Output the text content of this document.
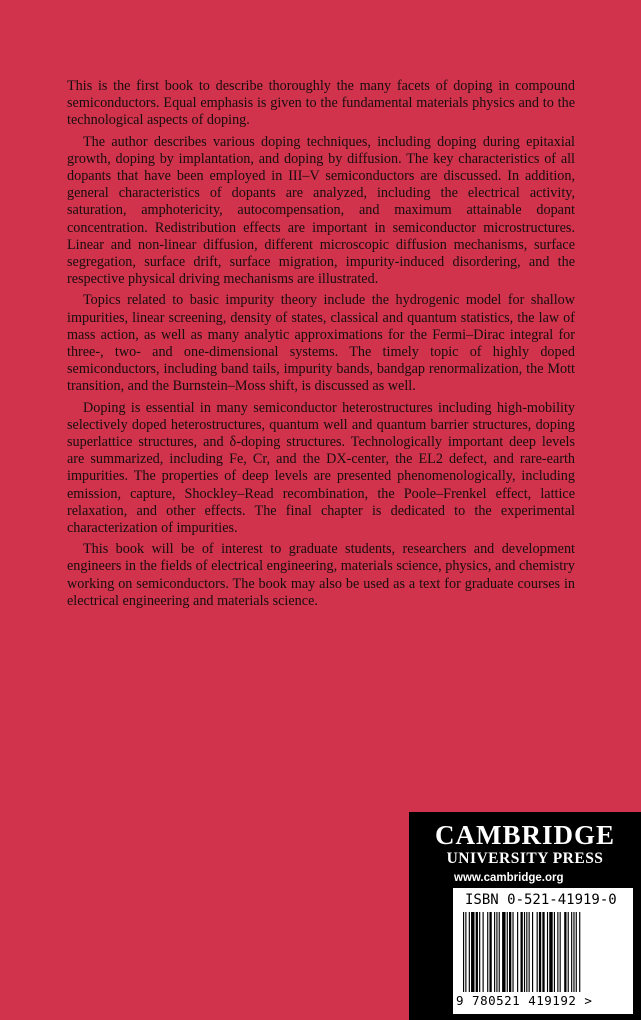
This is the first book to describe thoroughly the many facets of doping in compound semiconductors. Equal emphasis is given to the fundamental materials physics and to the technological aspects of doping.

The author describes various doping techniques, including doping during epitaxial growth, doping by implantation, and doping by diffusion. The key characteristics of all dopants that have been employed in III–V semiconductors are discussed. In addition, general characteristics of dopants are analyzed, including the electrical activity, saturation, amphotericity, autocompensation, and maximum attainable dopant concentration. Redistribution effects are important in semiconductor microstructures. Linear and non-linear diffusion, different microscopic diffusion mechanisms, surface segregation, surface drift, surface migration, impurity-induced disordering, and the respective physical driving mechanisms are illustrated.

Topics related to basic impurity theory include the hydrogenic model for shallow impurities, linear screening, density of states, classical and quantum statistics, the law of mass action, as well as many analytic approximations for the Fermi–Dirac integral for three-, two- and one-dimensional systems. The timely topic of highly doped semiconductors, including band tails, impurity bands, bandgap renormalization, the Mott transition, and the Burnstein–Moss shift, is discussed as well.

Doping is essential in many semiconductor heterostructures including high-mobility selectively doped heterostructures, quantum well and quantum barrier structures, doping superlattice structures, and δ-doping structures. Technologically important deep levels are summarized, including Fe, Cr, and the DX-center, the EL2 defect, and rare-earth impurities. The properties of deep levels are presented phenomenologically, including emission, capture, Shockley–Read recombination, the Poole–Frenkel effect, lattice relaxation, and other effects. The final chapter is dedicated to the experimental characterization of impurities.

This book will be of interest to graduate students, researchers and development engineers in the fields of electrical engineering, materials science, physics, and chemistry working on semiconductors. The book may also be used as a text for graduate courses in electrical engineering and materials science.

CAMBRIDGE
UNIVERSITY PRESS
www.cambridge.org
ISBN 0-521-41919-0
9 780521 419192 >
